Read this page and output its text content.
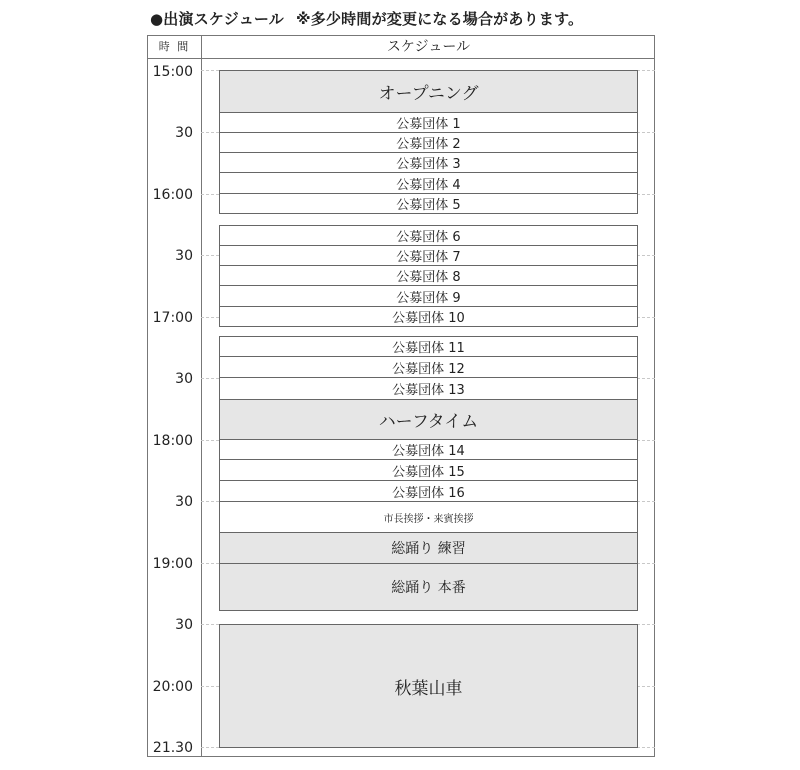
●出演スケジュール ※多少時間が変更になる場合があります。
時 間	スケジュール
15:00
30
16:00
30
17:00
30
18:00
30
19:00
30
20:00
21.30
オープニング
公募団体 1
公募団体 2
公募団体 3
公募団体 4
公募団体 5
公募団体 6
公募団体 7
公募団体 8
公募団体 9
公募団体 10
公募団体 11
公募団体 12
公募団体 13
ハーフタイム
公募団体 14
公募団体 15
公募団体 16
市長挨拶・来賓挨拶
総踊り 練習
総踊り 本番
秋葉山車
